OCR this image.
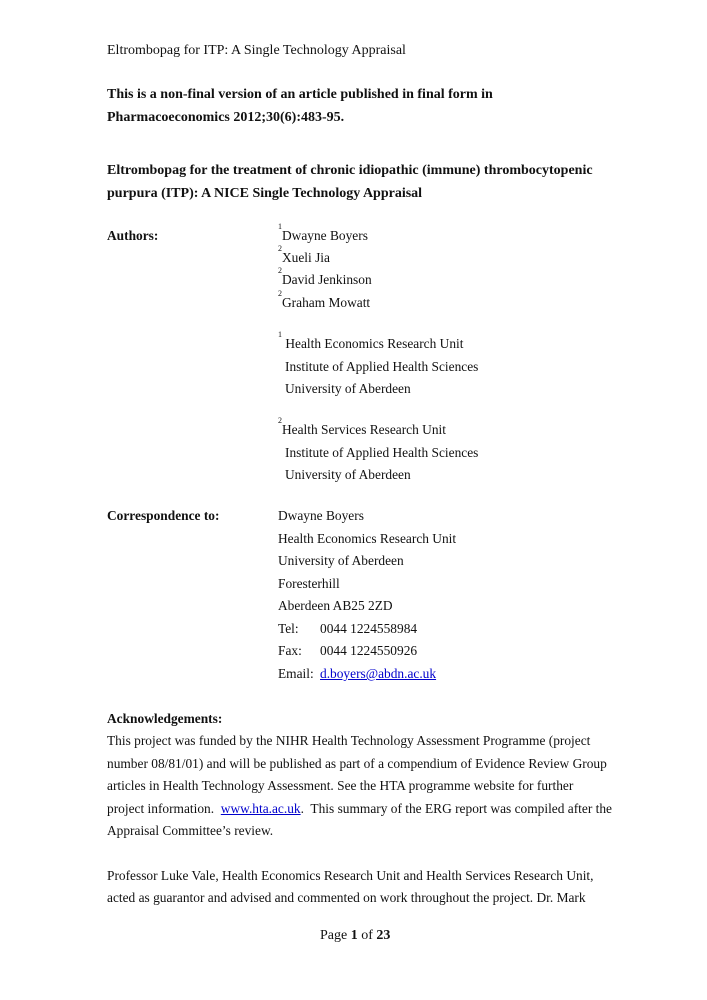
Eltrombopag for ITP: A Single Technology Appraisal
This is a non-final version of an article published in final form in
Pharmacoeconomics 2012;30(6):483-95.
Eltrombopag for the treatment of chronic idiopathic (immune) thrombocytopenic
purpura (ITP): A NICE Single Technology Appraisal
Authors:
$^1$Dwayne Boyers
$^2$Xueli Jia
$^2$David Jenkinson
$^2$Graham Mowatt
$^1$ Health Economics Research Unit
Institute of Applied Health Sciences
University of Aberdeen
$^2$Health Services Research Unit
Institute of Applied Health Sciences
University of Aberdeen
Correspondence to:	Dwayne Boyers
Health Economics Research Unit
University of Aberdeen
Foresterhill
Aberdeen AB25 2ZD
Tel: 0044 1224558984
Fax: 0044 1224550926
Email: d.boyers@abdn.ac.uk
Acknowledgements:
This project was funded by the NIHR Health Technology Assessment Programme (project
number 08/81/01) and will be published as part of a compendium of Evidence Review Group
articles in Health Technology Assessment. See the HTA programme website for further
project information.  www.hta.ac.uk.  This summary of the ERG report was compiled after the
Appraisal Committee’s review.
Professor Luke Vale, Health Economics Research Unit and Health Services Research Unit,
acted as guarantor and advised and commented on work throughout the project. Dr. Mark
Page 1 of 23
